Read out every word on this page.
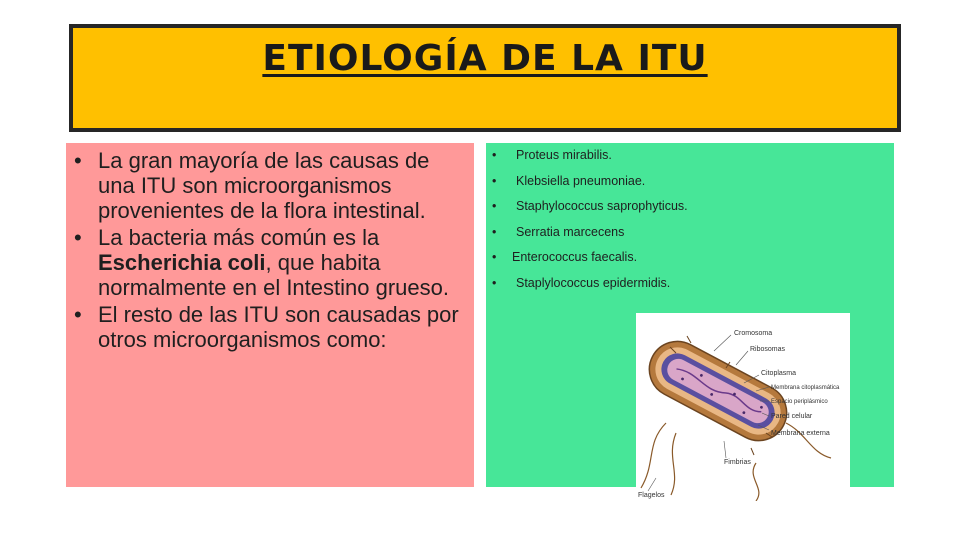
ETIOLOGÍA DE LA ITU
• La gran mayoría de las causas de una ITU son microorganismos provenientes de la flora intestinal.
• La bacteria más común es la Escherichia coli, que habita normalmente en el Intestino grueso.
• El resto de las ITU son causadas por otros microorganismos como:
• Proteus mirabilis.
• Klebsiella pneumoniae.
• Staphylococcus saprophyticus.
• Serratia marcecens
• Enterococcus faecalis.
• Staplylococcus epidermidis.
Cromosoma
Ribosomas
Citoplasma
Membrana citoplasmática
Espacio periplásmico
Pared celular
Membrana externa
Fimbrias
Flagelos
